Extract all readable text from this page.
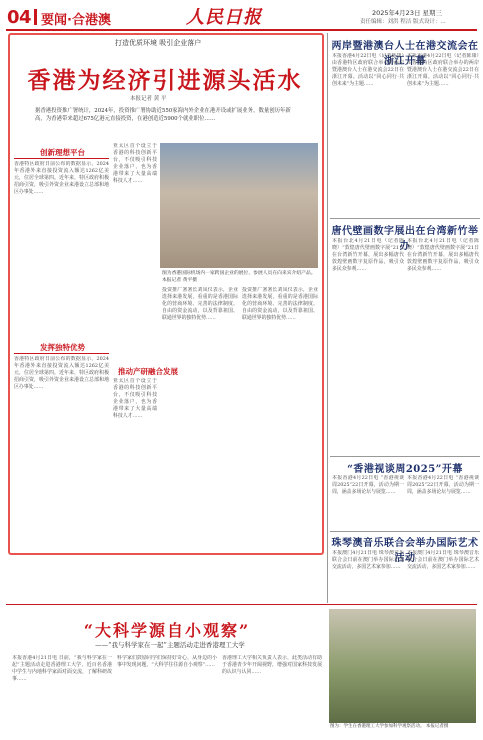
04 要闻·合港澳	人民日报	2025年4月23日 星期三
责任编辑：刘洪 程洁 版式设计：...
打造优质环境 吸引企业落户
香港为经济引进源头活水
本报记者 黄 平
据香港投资推广署统计，2024年，投资推广署协助近550家海内外企业在港开设或扩展业务，数量创历年新高，为香港带来超过675亿港元直接投资，在港创造近5900个就业职位……
创新理想平台
香港特区政府日前公布的数据显示，2024年香港外来直接投资流入额达1262亿美元，位居全球第四。近年来，特区政府积极招商引资，吸引外资企业来港设立总部和地区办事处……
发挥独特优势
香港特区政府日前公布的数据显示，2024年香港外来直接投资流入额达1262亿美元，位居全球第四。近年来，特区政府积极招商引资，吸引外资企业来港设立总部和地区办事处……
亚太区首个设立于香港的科技创新平台，不仅吸引科技企业落户，也为香港带来了大量高端科技人才……
推动产研融合发展
亚太区首个设立于香港的科技创新平台，不仅吸引科技企业落户，也为香港带来了大量高端科技人才……
图为香港国际机场内一家跨国企业的展位，参展人员在向来宾介绍产品。 本报记者 黄平摄
投资推广署署长刘凤仪表示，企业选择来港发展，看重的是香港国际化的营商环境、完善的法律制度、自由的资金流动，以及背靠祖国、联通世界的独特优势……
投资推广署署长刘凤仪表示，企业选择来港发展，看重的是香港国际化的营商环境、完善的法律制度、自由的资金流动，以及背靠祖国、联通世界的独特优势……
两岸暨港澳台人士在港交流会在浙江开幕
本报香港4月22日电（记者陈康）由香港特区政府联合举办的两岸暨港澳台人士在港交流会22日在浙江开幕。活动以“同心同行·共创未来”为主题……
本报香港4月22日电（记者陈康）由香港特区政府联合举办的两岸暨港澳台人士在港交流会22日在浙江开幕。活动以“同心同行·共创未来”为主题……
唐代壁画数字展出在台湾新竹举办
本报台北4月21日电（记者陈晓）“敦煌唐代壁画数字展”21日在台湾新竹开幕，展出多幅唐代敦煌壁画数字复原作品，吸引众多民众参观……
本报台北4月21日电（记者陈晓）“敦煌唐代壁画数字展”21日在台湾新竹开幕，展出多幅唐代敦煌壁画数字复原作品，吸引众多民众参观……
“香港视谈周2025”开幕
本报香港4月22日电 “香港视谈周2025”22日开幕，活动为期一周，涵盖多场论坛与展览……
本报香港4月22日电 “香港视谈周2025”22日开幕，活动为期一周，涵盖多场论坛与展览……
珠琴澳音乐联合会举办国际艺术活动
本报澳门4月21日电 珠琴澳音乐联合会日前在澳门举办国际艺术交流活动，多国艺术家参加……
本报澳门4月21日电 珠琴澳音乐联合会日前在澳门举办国际艺术交流活动，多国艺术家参加……
“大科学源自小观察”
——“我与科学家在一起”主题活动走进香港理工大学
本报香港4月21日电 日前，“我与科学家在一起”主题活动走进香港理工大学，近百名香港中学生与内地科学家面对面交流，了解科研故事……
科学家们鼓励同学们保持好奇心，从身边的小事中发现问题，“大科学往往源自小观察”……
香港理工大学相关负责人表示，此类活动有助于香港青少年开阔视野，增强对国家科技发展的认识与认同……
图为：学生在香港理工大学参加科学观察活动。 本报记者摄
